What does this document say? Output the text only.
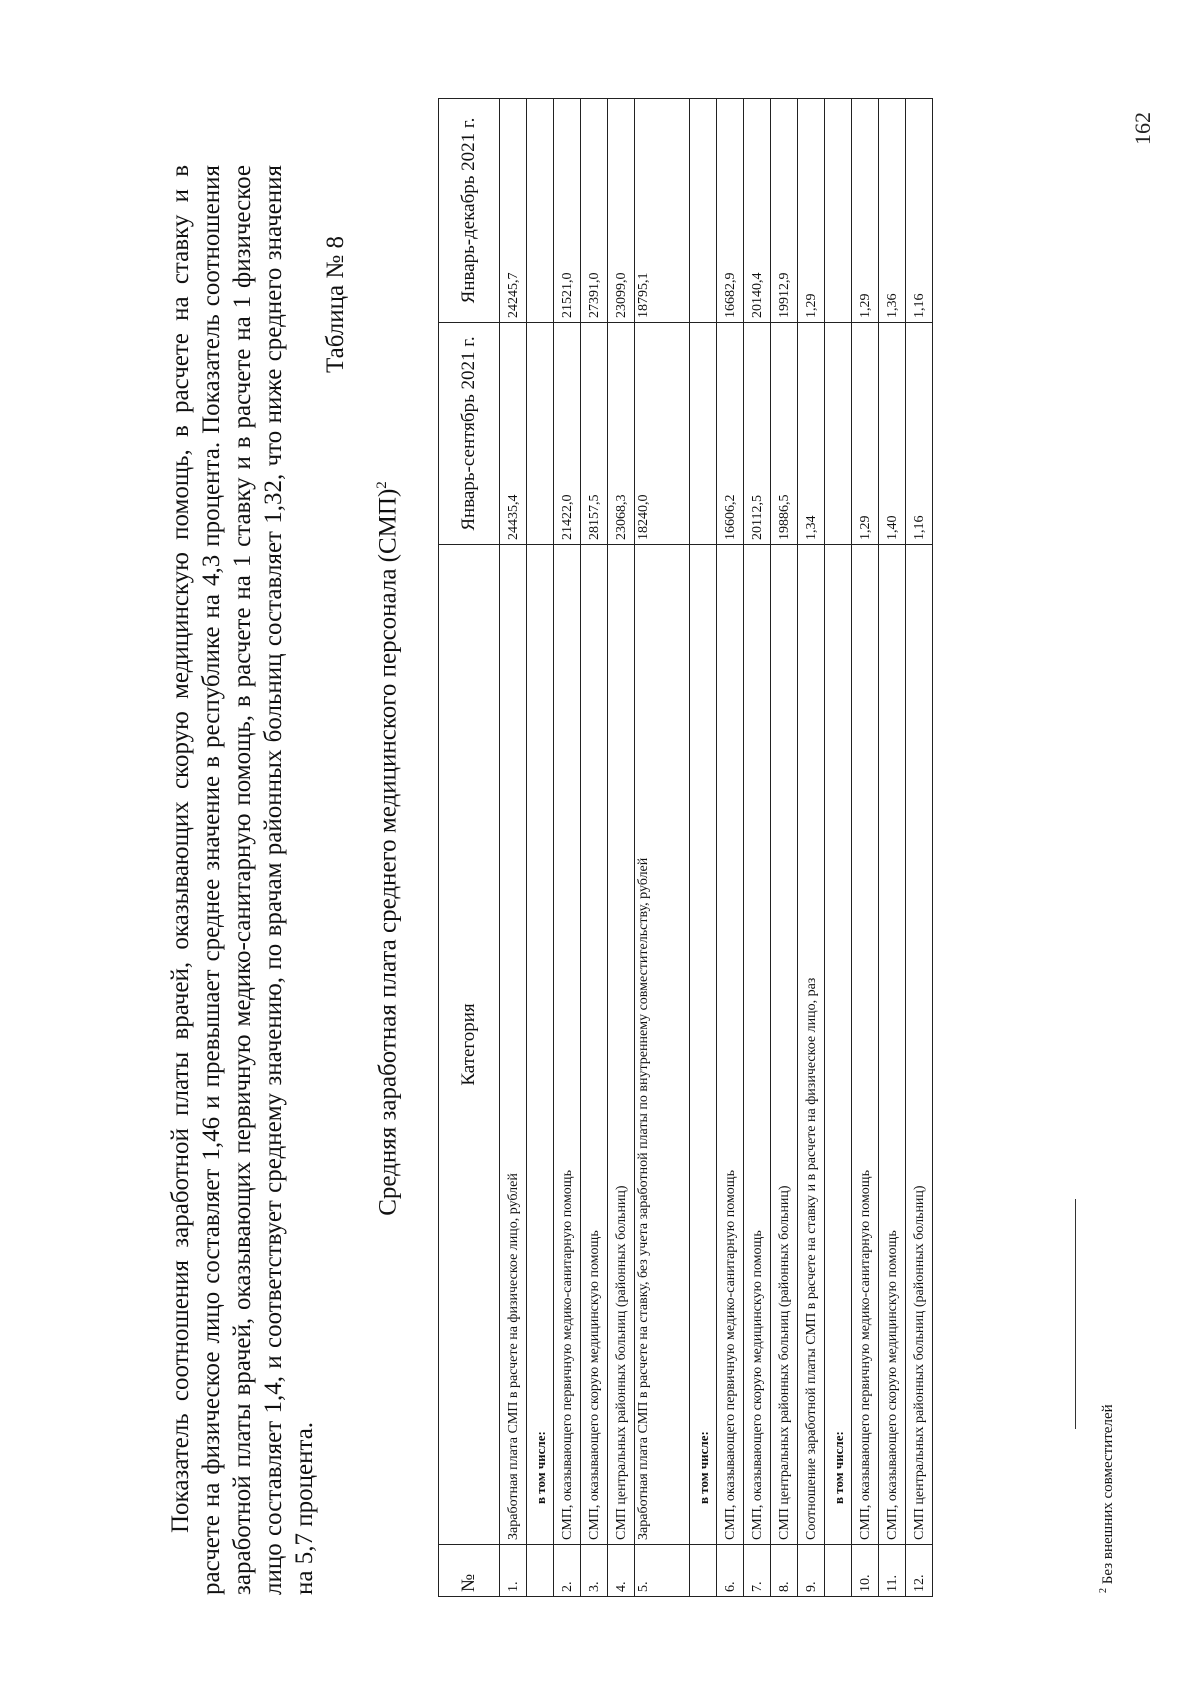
Показатель соотношения заработной платы врачей, оказывающих скорую медицинскую помощь, в расчете на ставку и в расчете на физическое лицо составляет 1,46 и превышает среднее значение в республике на 4,3 процента. Показатель соотношения заработной платы врачей, оказывающих первичную медико-санитарную помощь, в расчете на 1 ставку и в расчете на 1 физическое лицо составляет 1,4, и соответствует среднему значению, по врачам районных больниц составляет 1,32, что ниже среднего значения на 5,7 процента.

Таблица № 8
Средняя заработная плата среднего медицинского персонала (СМП)$^2$
№	Категория	Январь-сентябрь 2021 г.	Январь-декабрь 2021 г.
1.	Заработная плата СМП в расчете на физическое лицо, рублей	24435,4	24245,7
	в том числе:		
2.	СМП, оказывающего первичную медико-санитарную помощь	21422,0	21521,0
3.	СМП, оказывающего скорую медицинскую помощь	28157,5	27391,0
4.	СМП центральных районных больниц (районных больниц)	23068,3	23099,0
5.	Заработная плата СМП в расчете на ставку, без учета заработной платы по внутреннему совместительству, рублей	18240,0	18795,1
	в том числе:		
6.	СМП, оказывающего первичную медико-санитарную помощь	16606,2	16682,9
7.	СМП, оказывающего скорую медицинскую помощь	20112,5	20140,4
8.	СМП центральных районных больниц (районных больниц)	19886,5	19912,9
9.	Соотношение заработной платы СМП в расчете на ставку и в расчете на физическое лицо, раз	1,34	1,29
	в том числе:		
10.	СМП, оказывающего первичную медико-санитарную помощь	1,29	1,29
11.	СМП, оказывающего скорую медицинскую помощь	1,40	1,36
12.	СМП центральных районных больниц (районных больниц)	1,16	1,16
$^2$ Без внешних совместителей
162
